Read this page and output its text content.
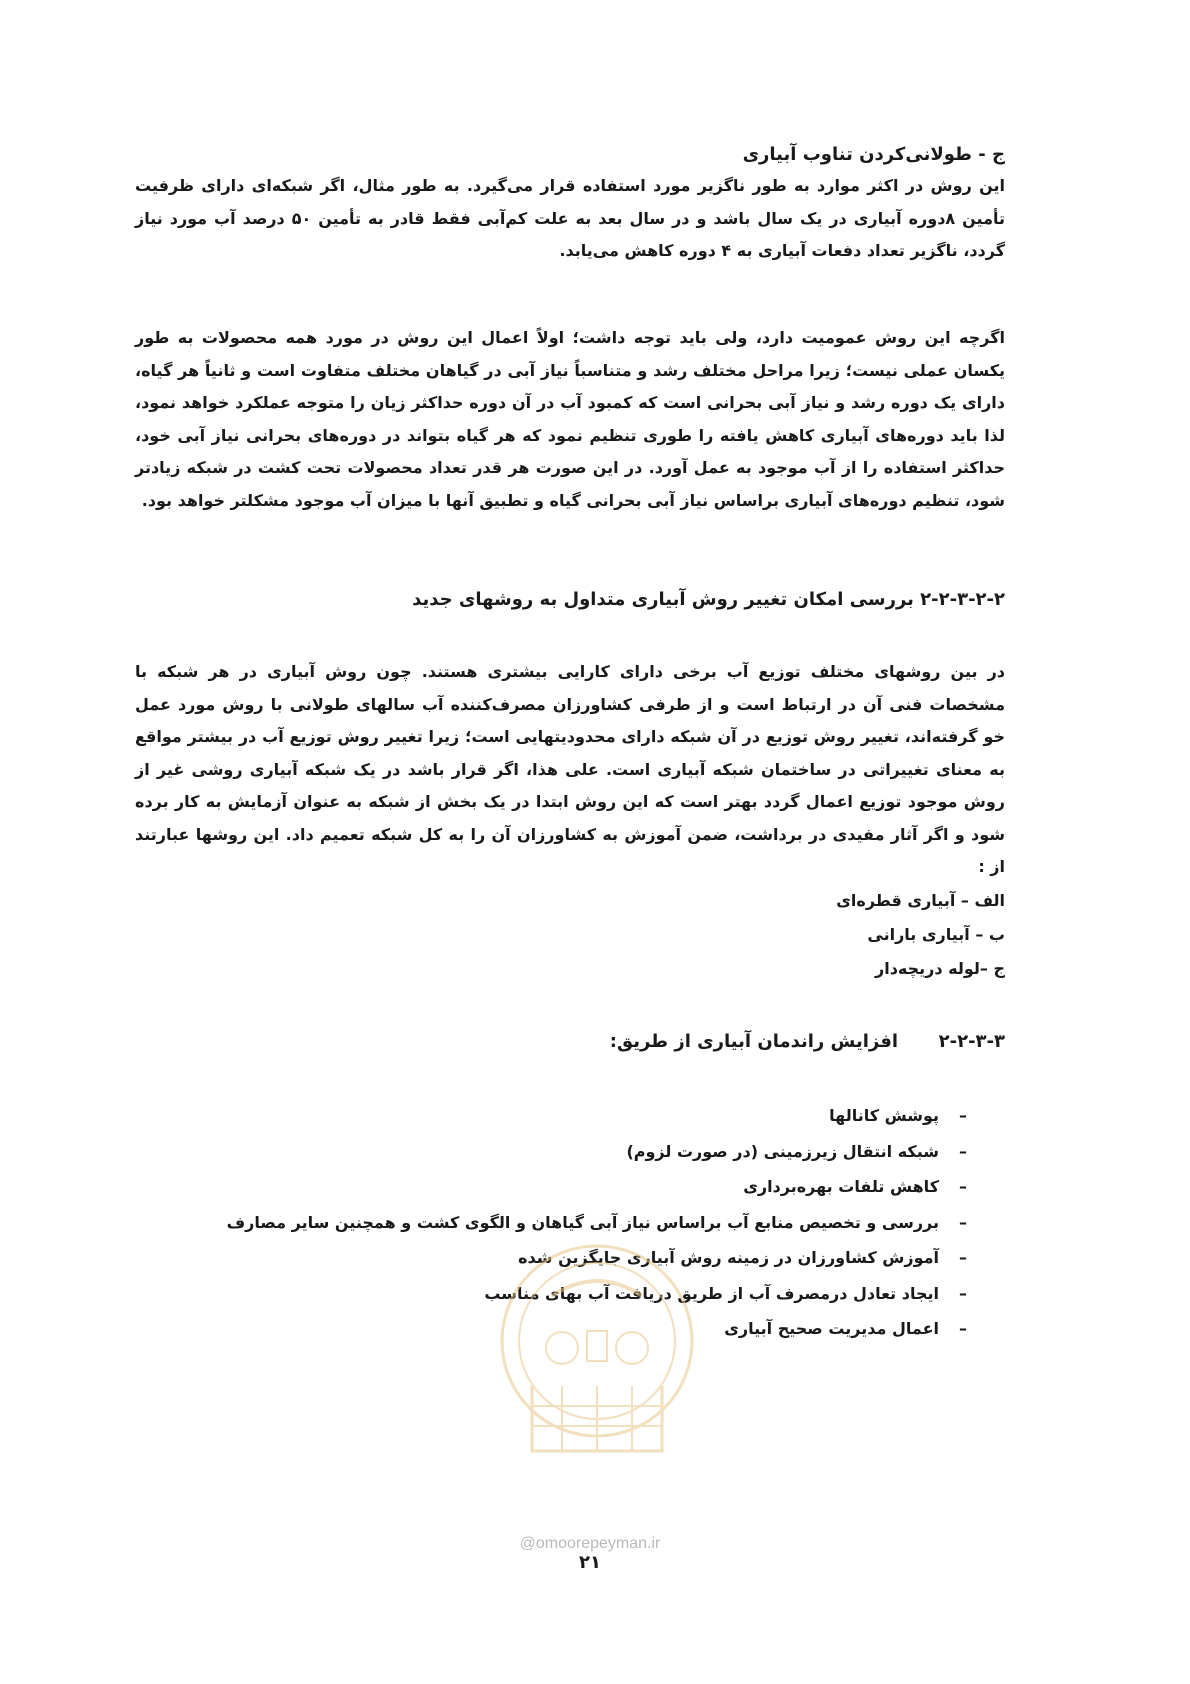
ج - طولانی‌کردن تناوب آبیاری

این روش در اکثر موارد به طور ناگزیر مورد استفاده قرار می‌گیرد. به طور مثال، اگر شبکه‌ای دارای ظرفیت تأمین ۸دوره آبیاری در یک سال باشد و در سال بعد به علت کم‌آبی فقط قادر به تأمین ۵۰ درصد آب مورد نیاز گردد، ناگزیر تعداد دفعات آبیاری به ۴ دوره کاهش می‌یابد.

اگرچه این روش عمومیت دارد، ولی باید توجه داشت؛ اولاً اعمال این روش در مورد همه محصولات به طور یکسان عملی نیست؛ زیرا مراحل مختلف رشد و متناسباً نیاز آبی در گیاهان مختلف متفاوت است و ثانیاً هر گیاه، دارای یک دوره رشد و نیاز آبی بحرانی است که کمبود آب در آن دوره حداکثر زیان را متوجه عملکرد خواهد نمود، لذا باید دوره‌های آبیاری کاهش یافته را طوری تنظیم نمود که هر گیاه بتواند در دوره‌های بحرانی نیاز آبی خود، حداکثر استفاده را از آب موجود به عمل آورد. در این صورت هر قدر تعداد محصولات تحت کشت در شبکه زیادتر شود، تنظیم دوره‌های آبیاری براساس نیاز آبی بحرانی گیاه و تطبیق آنها با میزان آب موجود مشکلتر خواهد بود.

۲-۲-۳-۲-۲ بررسی امکان تغییر روش آبیاری متداول به روشهای جدید

در بین روشهای مختلف توزیع آب برخی دارای کارایی بیشتری هستند. چون روش آبیاری در هر شبکه با مشخصات فنی آن در ارتباط است و از طرفی کشاورزان مصرف‌کننده آب سالهای طولانی با روش مورد عمل خو گرفته‌اند، تغییر روش توزیع در آن شبکه دارای محدودیتهایی است؛ زیرا تغییر روش توزیع آب در بیشتر مواقع به معنای تغییراتی در ساختمان شبکه آبیاری است. علی هذا، اگر قرار باشد در یک شبکه آبیاری روشی غیر از روش موجود توزیع اعمال گردد بهتر است که این روش ابتدا در یک بخش از شبکه به عنوان آزمایش به کار برده شود و اگر آثار مفیدی در برداشت، ضمن آموزش به کشاورزان آن را به کل شبکه تعمیم داد. این روشها عبارتند از :

الف – آبیاری قطره‌ای

ب – آبیاری بارانی

ج –لوله دریچه‌دار

۲-۲-۳-۳  افزایش راندمان آبیاری از طریق:

–
پوشش کانالها
–
شبکه انتقال زیرزمینی (در صورت لزوم)
–
کاهش تلفات بهره‌برداری
–
بررسی و تخصیص منابع آب براساس نیاز آبی گیاهان و الگوی کشت و همچنین سایر مصارف
–
آموزش کشاورزان در زمینه روش آبیاری جایگزین شده
–
ایجاد تعادل درمصرف آب از طریق دریافت آب بهای مناسب
–
اعمال مدیریت صحیح آبیاری
@omoorepeyman.ir
۲۱
